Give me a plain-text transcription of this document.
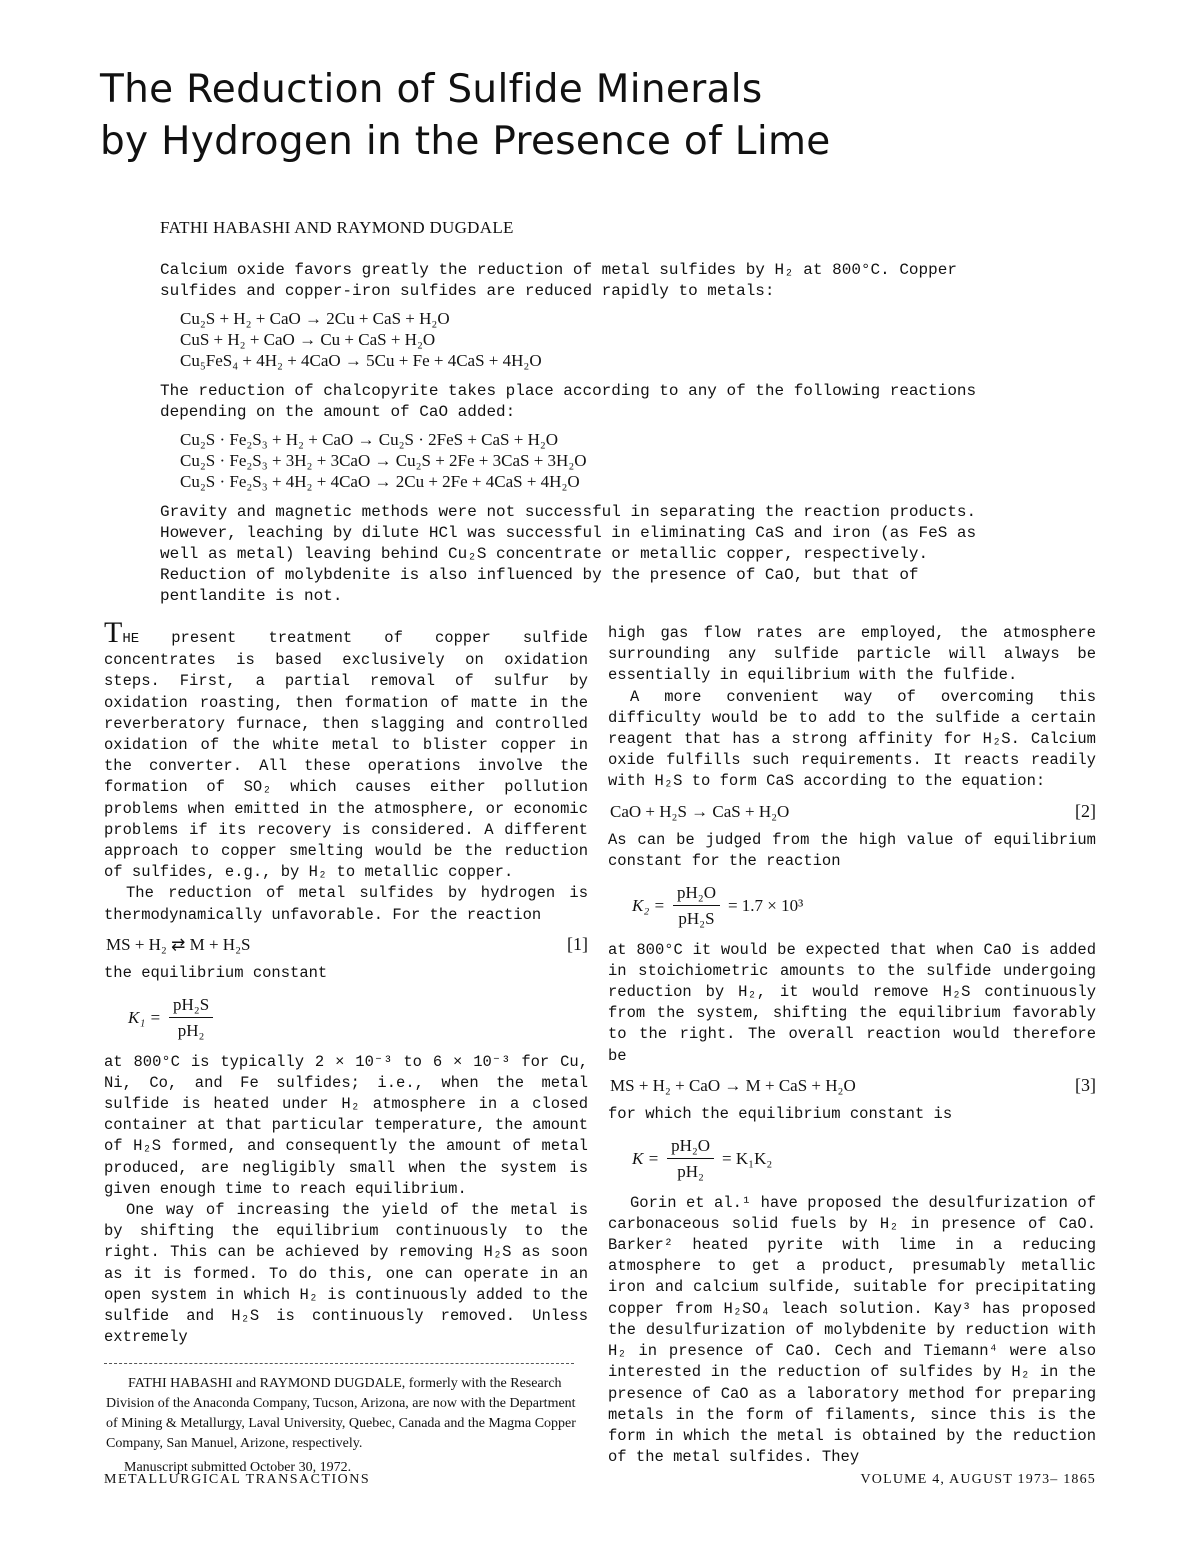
The Reduction of Sulfide Minerals
by Hydrogen in the Presence of Lime
FATHI HABASHI AND RAYMOND DUGDALE

Calcium oxide favors greatly the reduction of metal sulfides by H₂ at 800°C. Copper sulfides and copper-iron sulfides are reduced rapidly to metals:

Cu₂S + H₂ + CaO → 2Cu + CaS + H₂O
CuS + H₂ + CaO → Cu + CaS + H₂O
Cu₅FeS₄ + 4H₂ + 4CaO → 5Cu + Fe + 4CaS + 4H₂O

The reduction of chalcopyrite takes place according to any of the following reactions depending on the amount of CaO added:

Cu₂S · Fe₂S₃ + H₂ + CaO → Cu₂S · 2FeS + CaS + H₂O
Cu₂S · Fe₂S₃ + 3H₂ + 3CaO → Cu₂S + 2Fe + 3CaS + 3H₂O
Cu₂S · Fe₂S₃ + 4H₂ + 4CaO → 2Cu + 2Fe + 4CaS + 4H₂O

Gravity and magnetic methods were not successful in separating the reaction products. However, leaching by dilute HCl was successful in eliminating CaS and iron (as FeS as well as metal) leaving behind Cu₂S concentrate or metallic copper, respectively. Reduction of molybdenite is also influenced by the presence of CaO, but that of pentlandite is not.

THE present treatment of copper sulfide concentrates is based exclusively on oxidation steps. First, a partial removal of sulfur by oxidation roasting, then formation of matte in the reverberatory furnace, then slagging and controlled oxidation of the white metal to blister copper in the converter. All these operations involve the formation of SO₂ which causes either pollution problems when emitted in the atmosphere, or economic problems if its recovery is considered. A different approach to copper smelting would be the reduction of sulfides, e.g., by H₂ to metallic copper.

The reduction of metal sulfides by hydrogen is thermodynamically unfavorable. For the reaction

MS + H₂ ⇄ M + H₂S	[1]

the equilibrium constant

$K_1 = \frac{\text{pH₂S}}{\text{pH₂}}$

at 800°C is typically 2 × 10⁻³ to 6 × 10⁻³ for Cu, Ni, Co, and Fe sulfides; i.e., when the metal sulfide is heated under H₂ atmosphere in a closed container at that particular temperature, the amount of H₂S formed, and consequently the amount of metal produced, are negligibly small when the system is given enough time to reach equilibrium.

One way of increasing the yield of the metal is by shifting the equilibrium continuously to the right. This can be achieved by removing H₂S as soon as it is formed. To do this, one can operate in an open system in which H₂ is continuously added to the sulfide and H₂S is continuously removed. Unless extremely

FATHI HABASHI and RAYMOND DUGDALE, formerly with the Research Division of the Anaconda Company, Tucson, Arizona, are now with the Department of Mining & Metallurgy, Laval University, Quebec, Canada and the Magma Copper Company, San Manuel, Arizone, respectively.

Manuscript submitted October 30, 1972.

high gas flow rates are employed, the atmosphere surrounding any sulfide particle will always be essentially in equilibrium with the fulfide.

A more convenient way of overcoming this difficulty would be to add to the sulfide a certain reagent that has a strong affinity for H₂S. Calcium oxide fulfills such requirements. It reacts readily with H₂S to form CaS according to the equation:

CaO + H₂S → CaS + H₂O	[2]

As can be judged from the high value of equilibrium constant for the reaction

$K_2 = \frac{\text{pH₂O}}{\text{pH₂S}} = 1.7 \times 10^3$

at 800°C it would be expected that when CaO is added in stoichiometric amounts to the sulfide undergoing reduction by H₂, it would remove H₂S continuously from the system, shifting the equilibrium favorably to the right. The overall reaction would therefore be

MS + H₂ + CaO → M + CaS + H₂O	[3]

for which the equilibrium constant is

$K = \frac{\text{pH₂O}}{\text{pH₂}} = K_1K_2$

Gorin et al.¹ have proposed the desulfurization of carbonaceous solid fuels by H₂ in presence of CaO. Barker² heated pyrite with lime in a reducing atmosphere to get a product, presumably metallic iron and calcium sulfide, suitable for precipitating copper from H₂SO₄ leach solution. Kay³ has proposed the desulfurization of molybdenite by reduction with H₂ in presence of CaO. Cech and Tiemann⁴ were also interested in the reduction of sulfides by H₂ in the presence of CaO as a laboratory method for preparing metals in the form of filaments, since this is the form in which the metal is obtained by the reduction of the metal sulfides. They

METALLURGICAL TRANSACTIONS	VOLUME 4, AUGUST 1973– 1865
